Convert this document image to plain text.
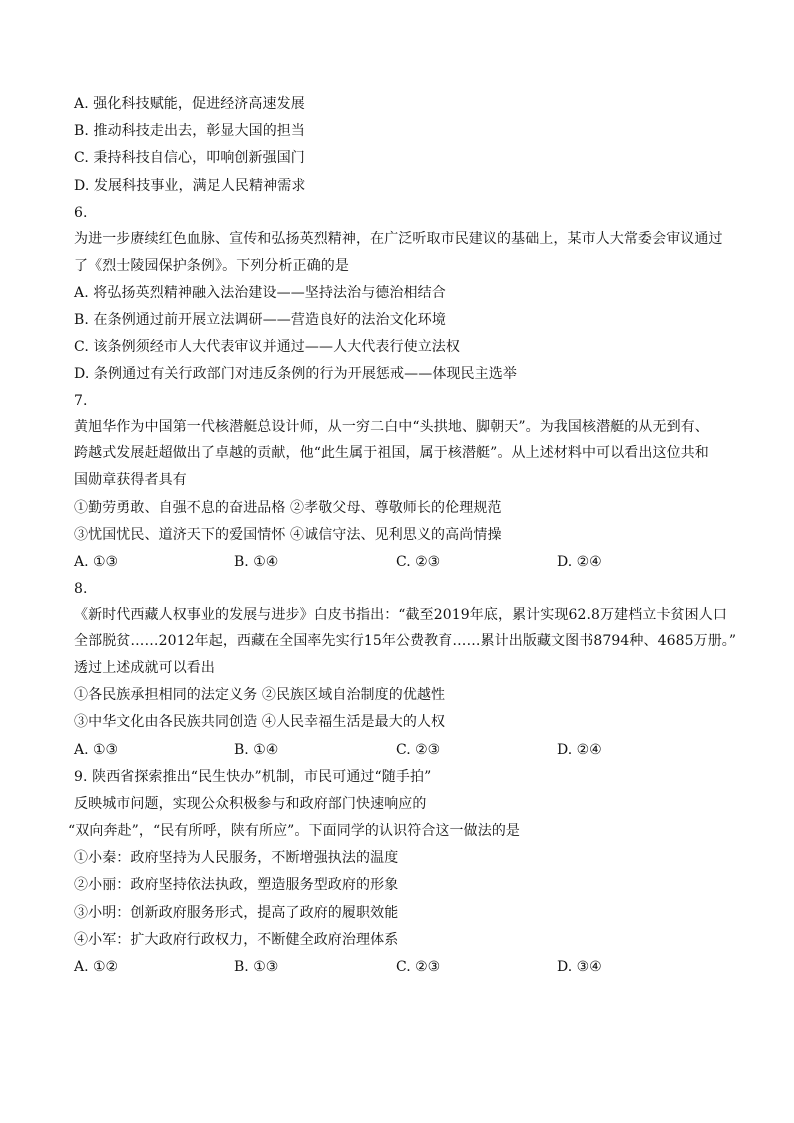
A. 强化科技赋能，促进经济高速发展
B. 推动科技走出去，彰显大国的担当
C. 秉持科技自信心，叩响创新强国门
D. 发展科技事业，满足人民精神需求
6.
为进一步赓续红色血脉、宣传和弘扬英烈精神，在广泛听取市民建议的基础上，某市人大常委会审议通过
了《烈士陵园保护条例》。下列分析正确的是
A. 将弘扬英烈精神融入法治建设——坚持法治与德治相结合
B. 在条例通过前开展立法调研——营造良好的法治文化环境
C. 该条例须经市人大代表审议并通过——人大代表行使立法权
D. 条例通过有关行政部门对违反条例的行为开展惩戒——体现民主选举
7.
黄旭华作为中国第一代核潜艇总设计师，从一穷二白中“头拱地、脚朝天”。为我国核潜艇的从无到有、
跨越式发展赶超做出了卓越的贡献，他“此生属于祖国，属于核潜艇”。从上述材料中可以看出这位共和
国勋章获得者具有
①勤劳勇敢、自强不息的奋进品格 ②孝敬父母、尊敬师长的伦理规范
③忧国忧民、道济天下的爱国情怀 ④诚信守法、见利思义的高尚情操
A. ①③	B. ①④	C. ②③	D. ②④
8.
《新时代西藏人权事业的发展与进步》白皮书指出：“截至2019年底，累计实现62.8万建档立卡贫困人口
全部脱贫……2012年起，西藏在全国率先实行15年公费教育……累计出版藏文图书8794种、4685万册。”
透过上述成就可以看出
①各民族承担相同的法定义务 ②民族区域自治制度的优越性
③中华文化由各民族共同创造 ④人民幸福生活是最大的人权
A. ①③	B. ①④	C. ②③	D. ②④
9. 陕西省探索推出“民生快办”机制，市民可通过“随手拍”
反映城市问题，实现公众积极参与和政府部门快速响应的
“双向奔赴”，“民有所呼，陕有所应”。下面同学的认识符合这一做法的是
①小秦：政府坚持为人民服务，不断增强执法的温度
②小丽：政府坚持依法执政，塑造服务型政府的形象
③小明：创新政府服务形式，提高了政府的履职效能
④小军：扩大政府行政权力，不断健全政府治理体系
A. ①②	B. ①③	C. ②③	D. ③④
